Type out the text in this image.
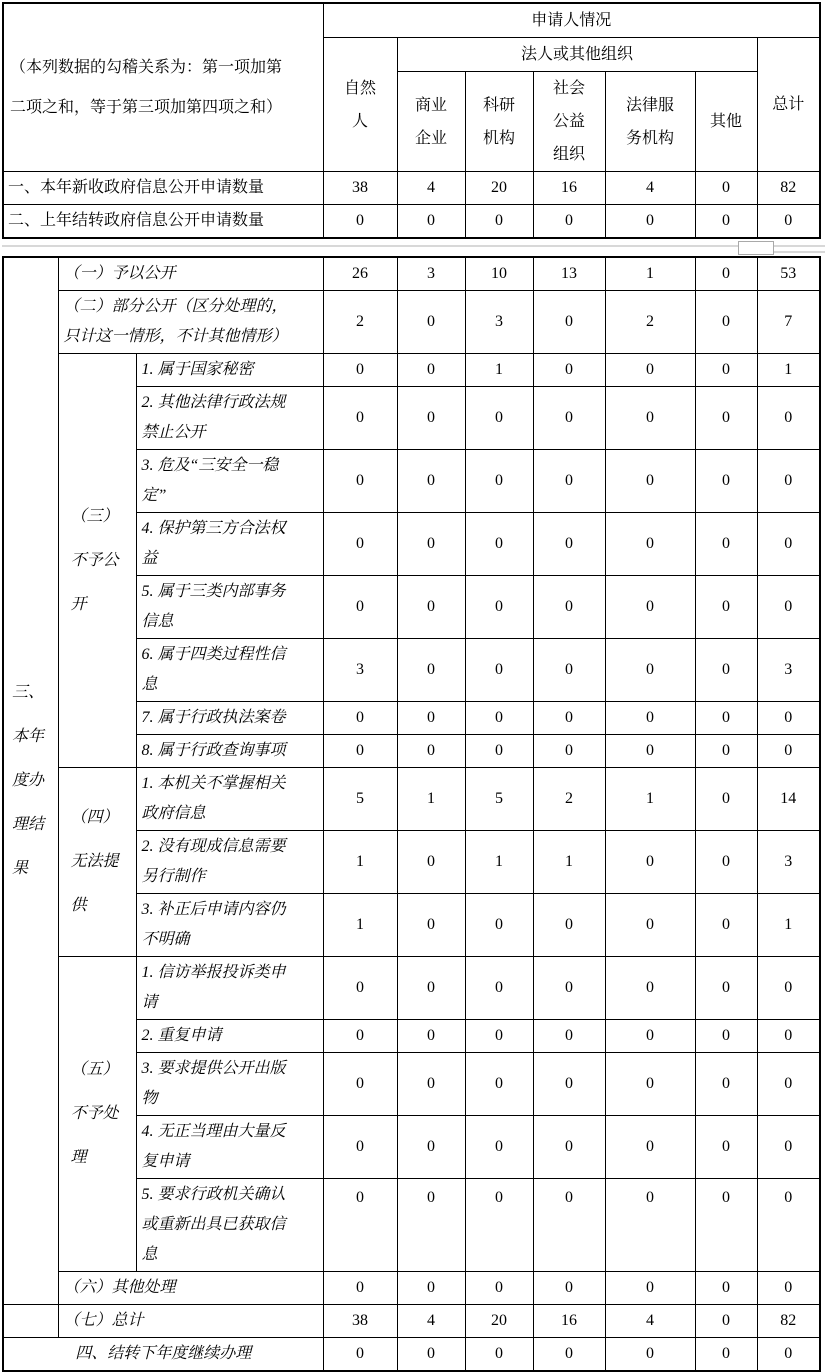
（本列数据的勾稽关系为：第一项加第二项之和，等于第三项加第四项之和）	申请人情况						
	自然人	法人或其他组织					总计
		商业企业	科研机构	社会公益组织	法律服务机构	其他	
一、本年新收政府信息公开申请数量	38	4	20	16	4	0	82
二、上年结转政府信息公开申请数量	0	0	0	0	0	0	0
三、本年度办理结果	（一）予以公开		26	3	10	13	1	0	53
	（二）部分公开（区分处理的，只计这一情形，不计其他情形）		2	0	3	0	2	0	7
	（三）不予公开	1. 属于国家秘密	0	0	1	0	0	0	1
		2. 其他法律行政法规禁止公开	0	0	0	0	0	0	0
		3. 危及“三安全一稳定”	0	0	0	0	0	0	0
		4. 保护第三方合法权益	0	0	0	0	0	0	0
		5. 属于三类内部事务信息	0	0	0	0	0	0	0
		6. 属于四类过程性信息	3	0	0	0	0	0	3
		7. 属于行政执法案卷	0	0	0	0	0	0	0
		8. 属于行政查询事项	0	0	0	0	0	0	0
	（四）无法提供	1. 本机关不掌握相关政府信息	5	1	5	2	1	0	14
		2. 没有现成信息需要另行制作	1	0	1	1	0	0	3
		3. 补正后申请内容仍不明确	1	0	0	0	0	0	1
	（五）不予处理	1. 信访举报投诉类申请	0	0	0	0	0	0	0
		2. 重复申请	0	0	0	0	0	0	0
		3. 要求提供公开出版物	0	0	0	0	0	0	0
		4. 无正当理由大量反复申请	0	0	0	0	0	0	0
		5. 要求行政机关确认或重新出具已获取信息	0	0	0	0	0	0	0
	（六）其他处理		0	0	0	0	0	0	0
	（七）总计		38	4	20	16	4	0	82
四、结转下年度继续办理			0	0	0	0	0	0	0
